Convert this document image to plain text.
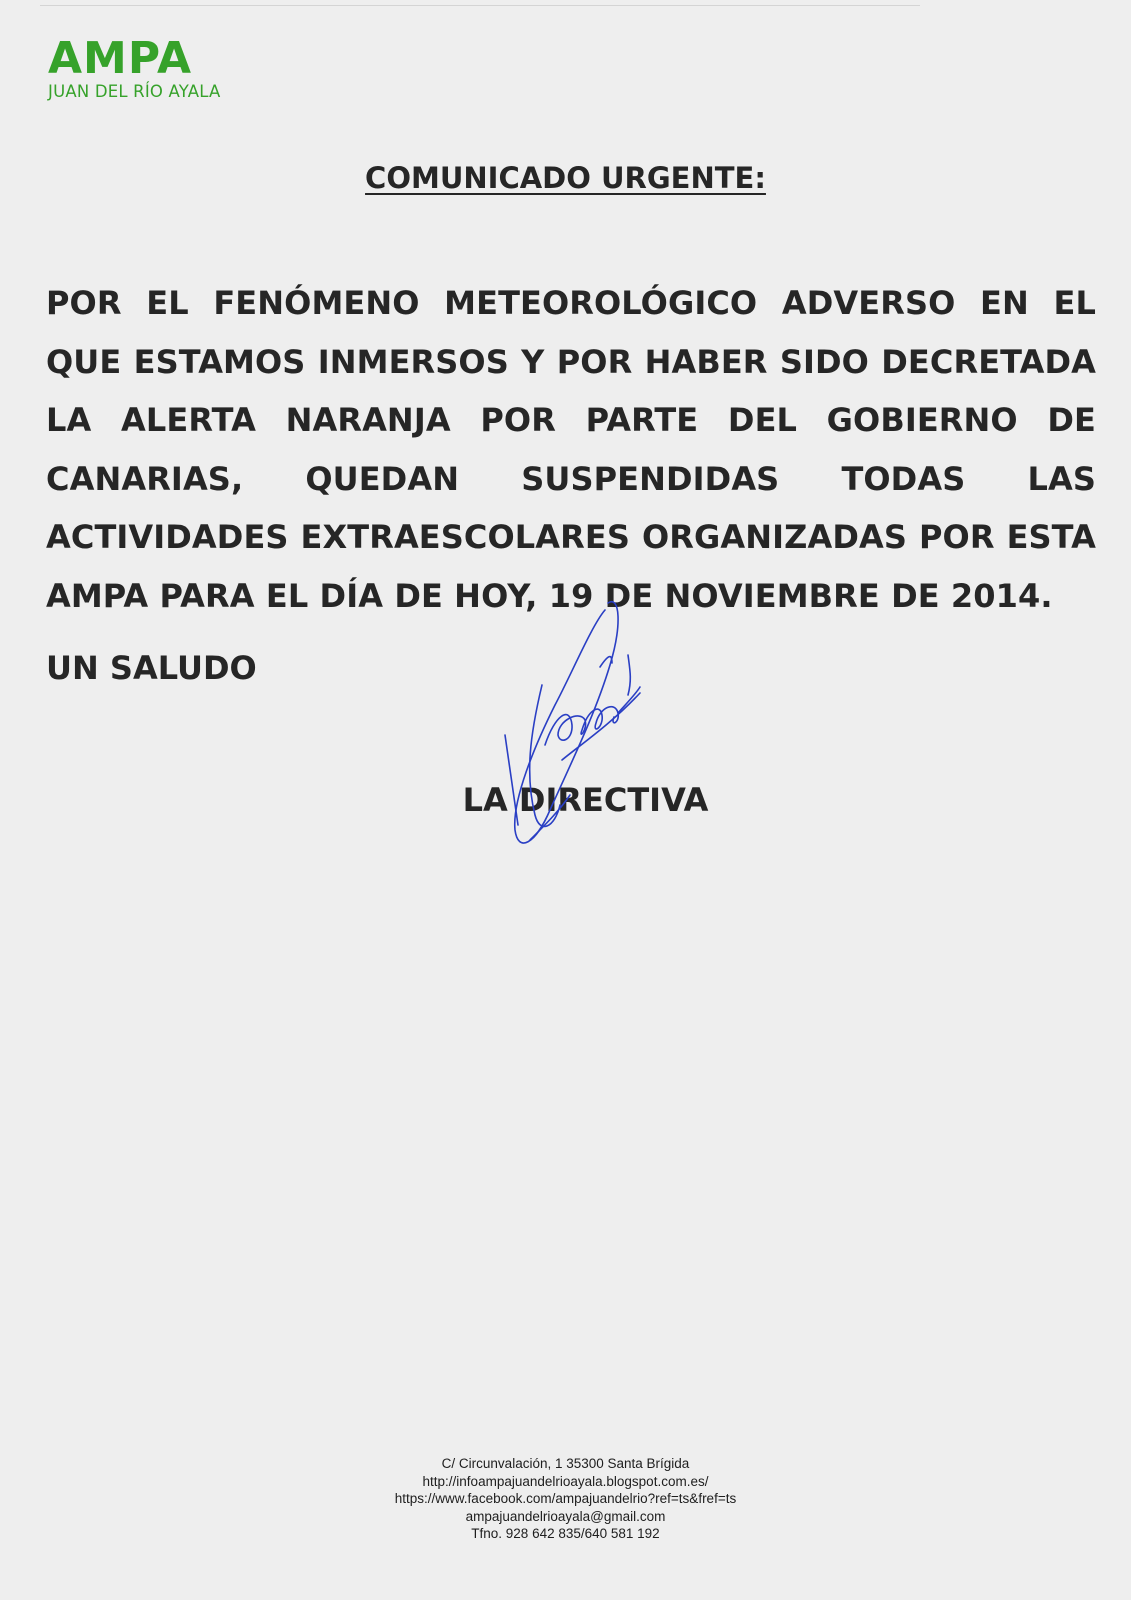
AMPA
JUAN DEL RÍO AYALA
COMUNICADO URGENTE:
POR EL FENÓMENO METEOROLÓGICO ADVERSO EN EL QUE ESTAMOS INMERSOS Y POR HABER SIDO DECRETADA LA ALERTA NARANJA POR PARTE DEL GOBIERNO DE CANARIAS, QUEDAN SUSPENDIDAS TODAS LAS ACTIVIDADES EXTRAESCOLARES ORGANIZADAS POR ESTA AMPA PARA EL DÍA DE HOY, 19 DE NOVIEMBRE DE 2014.
UN SALUDO
LA DIRECTIVA
C/ Circunvalación, 1 35300 Santa Brígida
http://infoampajuandelrioayala.blogspot.com.es/
https://www.facebook.com/ampajuandelrio?ref=ts&fref=ts
ampajuandelrioayala@gmail.com
Tfno. 928 642 835/640 581 192
